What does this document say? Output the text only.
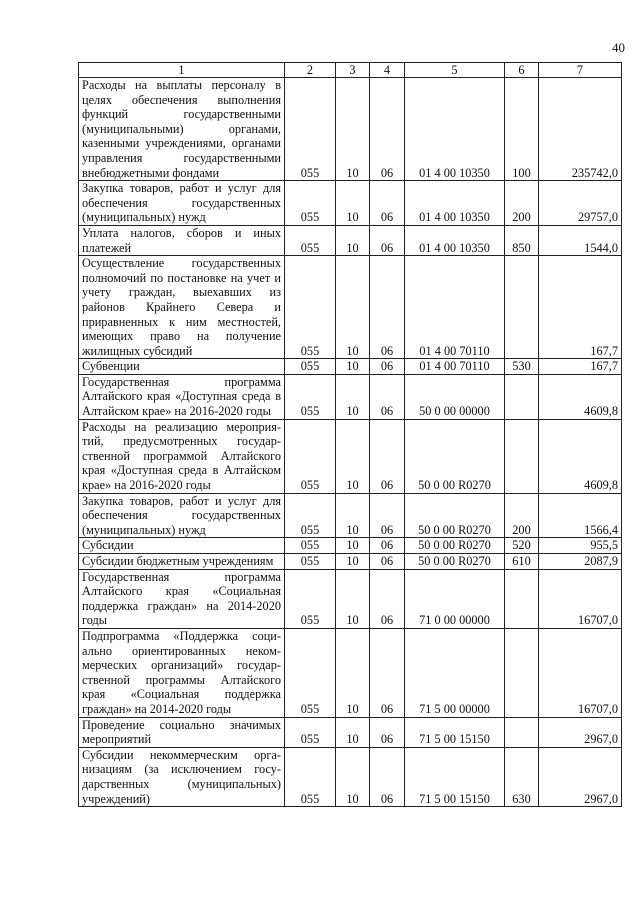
40
1	2	3	4	5	6	7
Расходы на выплаты персоналу в целях обеспечения выполнения функций государственными (муниципальными) органами, казенными учреждениями, органами управления государственными внебюджетными фондами	055	10	06	01 4 00 10350	100	235742,0
Закупка товаров, работ и услуг для обеспечения государственных (муниципальных) нужд	055	10	06	01 4 00 10350	200	29757,0
Уплата налогов, сборов и иных платежей	055	10	06	01 4 00 10350	850	1544,0
Осуществление государственных полномочий по постановке на учет и учету граждан, выехавших из районов Крайнего Севера и приравненных к ним местностей, имеющих право на получение жилищных субсидий	055	10	06	01 4 00 70110		167,7
Субвенции	055	10	06	01 4 00 70110	530	167,7
Государственная программа Алтайского края «Доступная среда в Алтайском крае» на 2016-2020 годы	055	10	06	50 0 00 00000		4609,8
Расходы на реализацию мероприятий, предусмотренных государственной программой Алтайского края «Доступная среда в Алтайском крае» на 2016-2020 годы	055	10	06	50 0 00 R0270		4609,8
Закупка товаров, работ и услуг для обеспечения государственных (муниципальных) нужд	055	10	06	50 0 00 R0270	200	1566,4
Субсидии	055	10	06	50 0 00 R0270	520	955,5
Субсидии бюджетным учреждениям	055	10	06	50 0 00 R0270	610	2087,9
Государственная программа Алтайского края «Социальная поддержка граждан» на 2014-2020 годы	055	10	06	71 0 00 00000		16707,0
Подпрограмма «Поддержка социально ориентированных некоммерческих организаций» государственной программы Алтайского края «Социальная поддержка граждан» на 2014-2020 годы	055	10	06	71 5 00 00000		16707,0
Проведение социально значимых мероприятий	055	10	06	71 5 00 15150		2967,0
Субсидии некоммерческим организациям (за исключением государственных (муниципальных) учреждений)	055	10	06	71 5 00 15150	630	2967,0
